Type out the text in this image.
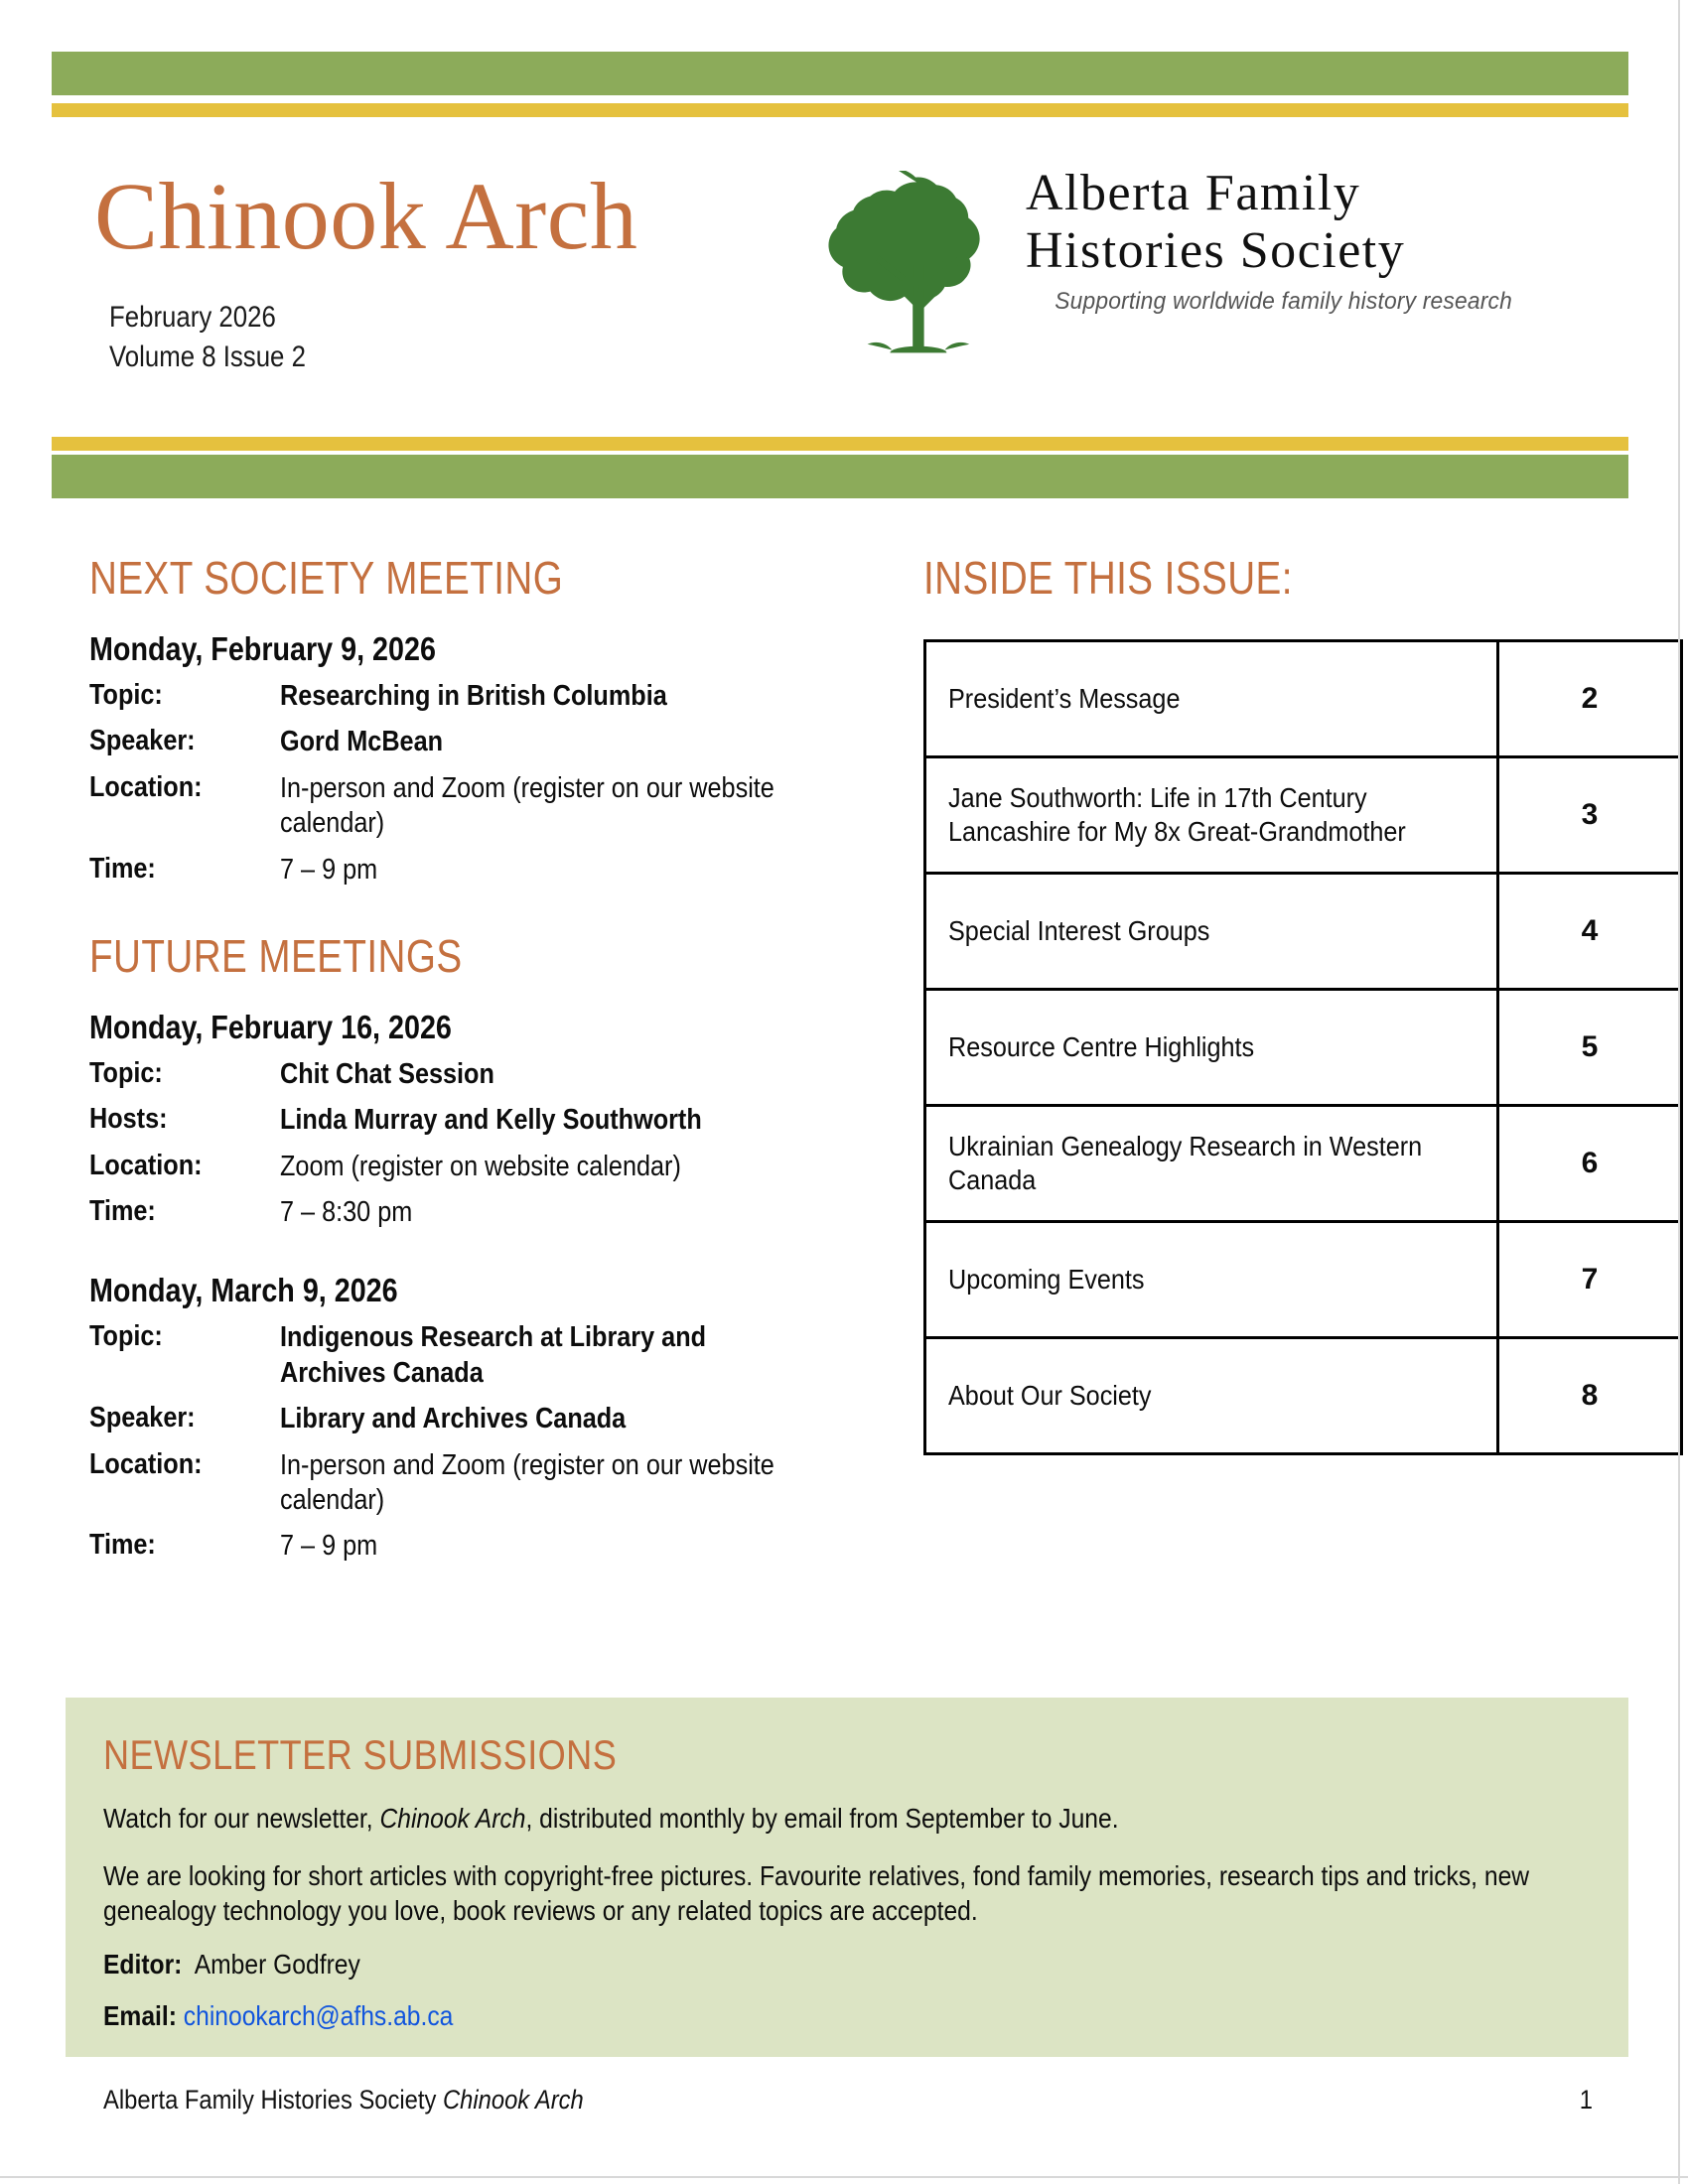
Chinook Arch
February 2026
Volume 8 Issue 2
Alberta Family
Histories Society
Supporting worldwide family history research
NEXT SOCIETY MEETING
Monday, February 9, 2026
Topic:	Researching in British Columbia
Speaker:	Gord McBean
Location:	In-person and Zoom (register on our website calendar)
Time:	7 – 9 pm
FUTURE MEETINGS
Monday, February 16, 2026
Topic:	Chit Chat Session
Hosts:	Linda Murray and Kelly Southworth
Location:	Zoom (register on website calendar)
Time:	7 – 8:30 pm
Monday, March 9, 2026
Topic:	Indigenous Research at Library and Archives Canada
Speaker:	Library and Archives Canada
Location:	In-person and Zoom (register on our website calendar)
Time:	7 – 9 pm
INSIDE THIS ISSUE:
President’s Message	2

Jane Southworth: Life in 17th Century Lancashire for My 8x Great-Grandmother	3

Special Interest Groups	4

Resource Centre Highlights	5

Ukrainian Genealogy Research in Western Canada	6

Upcoming Events	7

About Our Society	8
NEWSLETTER SUBMISSIONS
Watch for our newsletter, Chinook Arch, distributed monthly by email from September to June.
We are looking for short articles with copyright-free pictures. Favourite relatives, fond family memories, research tips and tricks, new genealogy technology you love, book reviews or any related topics are accepted.
Editor: Amber Godfrey
Email: chinookarch@afhs.ab.ca
Alberta Family Histories Society Chinook Arch	1
